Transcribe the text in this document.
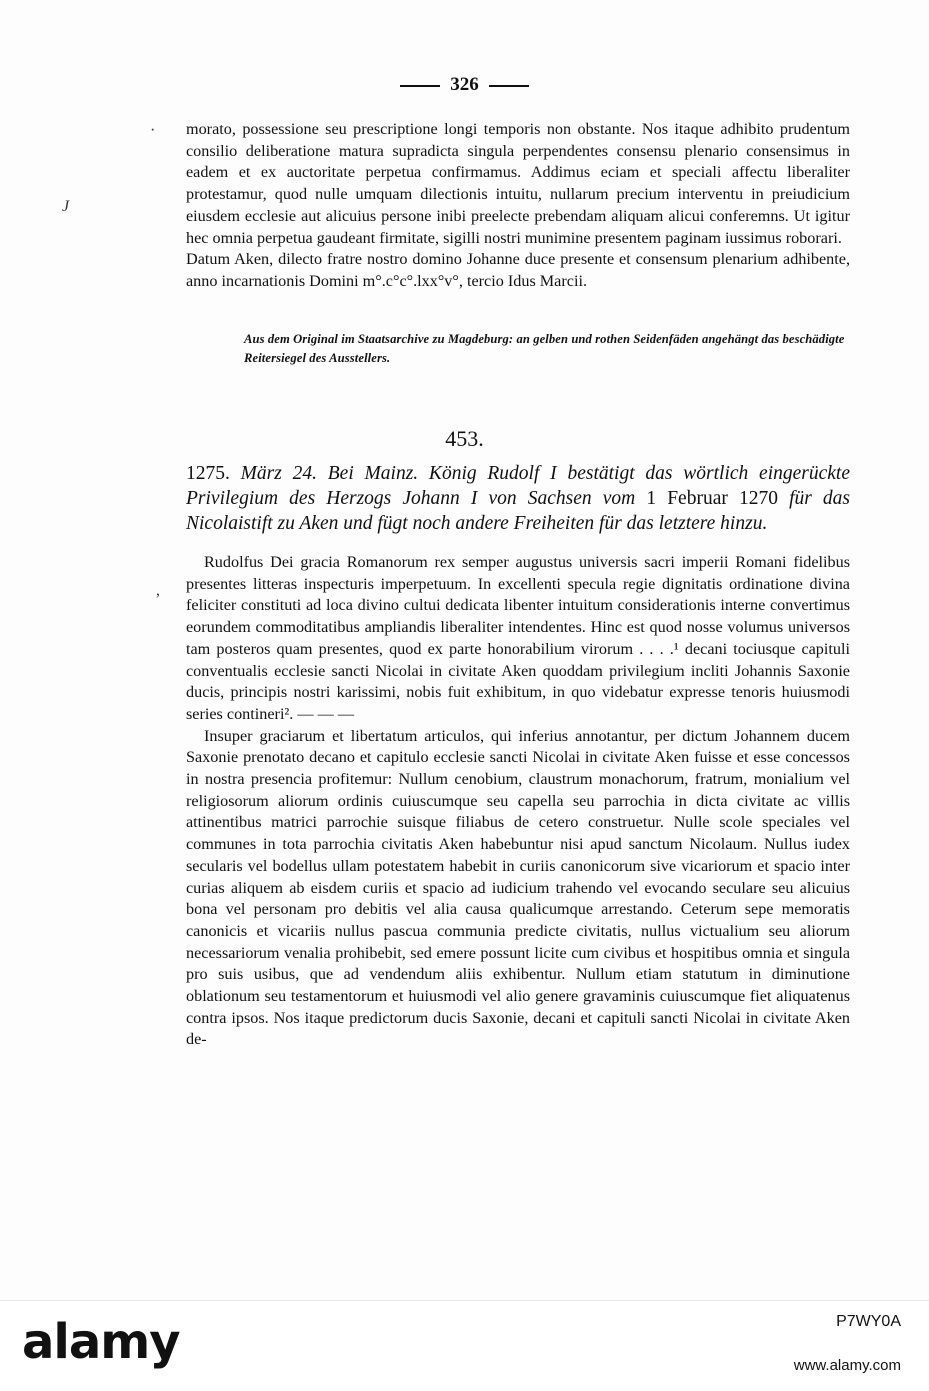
326
·
J

morato, possessione seu prescriptione longi temporis non obstante. Nos itaque adhibito prudentum consilio deliberatione matura supradicta singula perpendentes consensu plenario consensimus in eadem et ex auctoritate perpetua confirmamus. Addimus eciam et speciali affectu liberaliter protestamur, quod nulle umquam dilectionis intuitu, nullarum precium interventu in preiudicium eiusdem ecclesie aut alicuius persone inibi preelecte prebendam aliquam alicui conferemns. Ut igitur hec omnia perpetua gaudeant firmitate, sigilli nostri munimine presentem paginam iussimus roborari.

Datum Aken, dilecto fratre nostro domino Johanne duce presente et consensum plenarium adhibente, anno incarnationis Domini m°.c°c°.lxx°v°, tercio Idus Marcii.

Aus dem Original im Staatsarchive zu Magdeburg: an gelben und rothen Seidenfäden angehängt das beschädigte Reitersiegel des Ausstellers.
453.
1275. März 24. Bei Mainz. König Rudolf I bestätigt das wörtlich eingerückte Privilegium des Herzogs Johann I von Sachsen vom 1 Februar 1270 für das Nicolaistift zu Aken und fügt noch andere Freiheiten für das letztere hinzu.
,

Rudolfus Dei gracia Romanorum rex semper augustus universis sacri imperii Romani fidelibus presentes litteras inspecturis imperpetuum. In excellenti specula regie dignitatis ordinatione divina feliciter constituti ad loca divino cultui dedicata libenter intuitum considerationis interne convertimus eorundem commoditatibus ampliandis liberaliter intendentes. Hinc est quod nosse volumus universos tam posteros quam presentes, quod ex parte honorabilium virorum . . . .¹ decani tociusque capituli conventualis ecclesie sancti Nicolai in civitate Aken quoddam privilegium incliti Johannis Saxonie ducis, principis nostri karissimi, nobis fuit exhibitum, in quo videbatur expresse tenoris huiusmodi series contineri². — — —

Insuper graciarum et libertatum articulos, qui inferius annotantur, per dictum Johannem ducem Saxonie prenotato decano et capitulo ecclesie sancti Nicolai in civitate Aken fuisse et esse concessos in nostra presencia profitemur: Nullum cenobium, claustrum monachorum, fratrum, monialium vel religiosorum aliorum ordinis cuiuscumque seu capella seu parrochia in dicta civitate ac villis attinentibus matrici parrochie suisque filiabus de cetero construetur. Nulle scole speciales vel communes in tota parrochia civitatis Aken habebuntur nisi apud sanctum Nicolaum. Nullus iudex secularis vel bodellus ullam potestatem habebit in curiis canonicorum sive vicariorum et spacio inter curias aliquem ab eisdem curiis et spacio ad iudicium trahendo vel evocando seculare seu alicuius bona vel personam pro debitis vel alia causa qualicumque arrestando. Ceterum sepe memoratis canonicis et vicariis nullus pascua communia predicte civitatis, nullus victualium seu aliorum necessariorum venalia prohibebit, sed emere possunt licite cum civibus et hospitibus omnia et singula pro suis usibus, que ad vendendum aliis exhibentur. Nullum etiam statutum in diminutione oblationum seu testamentorum et huiusmodi vel alio genere gravaminis cuiuscumque fiet aliquatenus contra ipsos. Nos itaque predictorum ducis Saxonie, decani et capituli sancti Nicolai in civitate Aken de-

alamy	P7WY0A
www.alamy.com
